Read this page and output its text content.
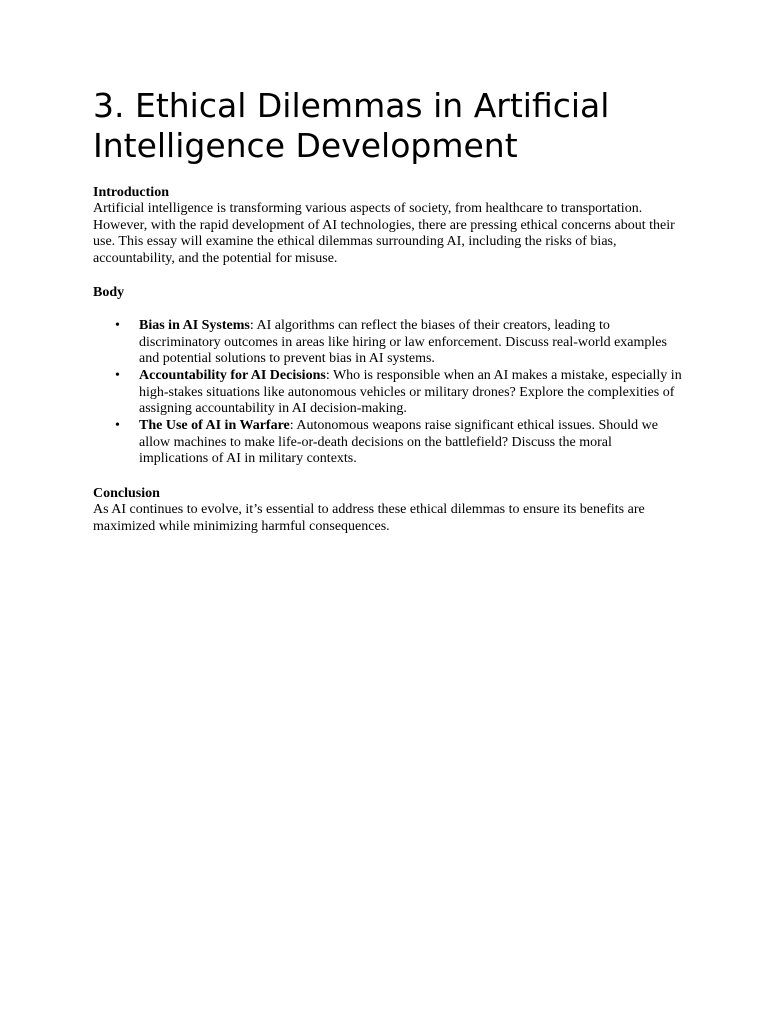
3. Ethical Dilemmas in Artificial Intelligence Development

Introduction

Artificial intelligence is transforming various aspects of society, from healthcare to transportation. However, with the rapid development of AI technologies, there are pressing ethical concerns about their use. This essay will examine the ethical dilemmas surrounding AI, including the risks of bias, accountability, and the potential for misuse.

Body

• Bias in AI Systems: AI algorithms can reflect the biases of their creators, leading to discriminatory outcomes in areas like hiring or law enforcement. Discuss real-world examples and potential solutions to prevent bias in AI systems.
• Accountability for AI Decisions: Who is responsible when an AI makes a mistake, especially in high-stakes situations like autonomous vehicles or military drones? Explore the complexities of assigning accountability in AI decision-making.
• The Use of AI in Warfare: Autonomous weapons raise significant ethical issues. Should we allow machines to make life-or-death decisions on the battlefield? Discuss the moral implications of AI in military contexts.

Conclusion

As AI continues to evolve, it’s essential to address these ethical dilemmas to ensure its benefits are maximized while minimizing harmful consequences.
